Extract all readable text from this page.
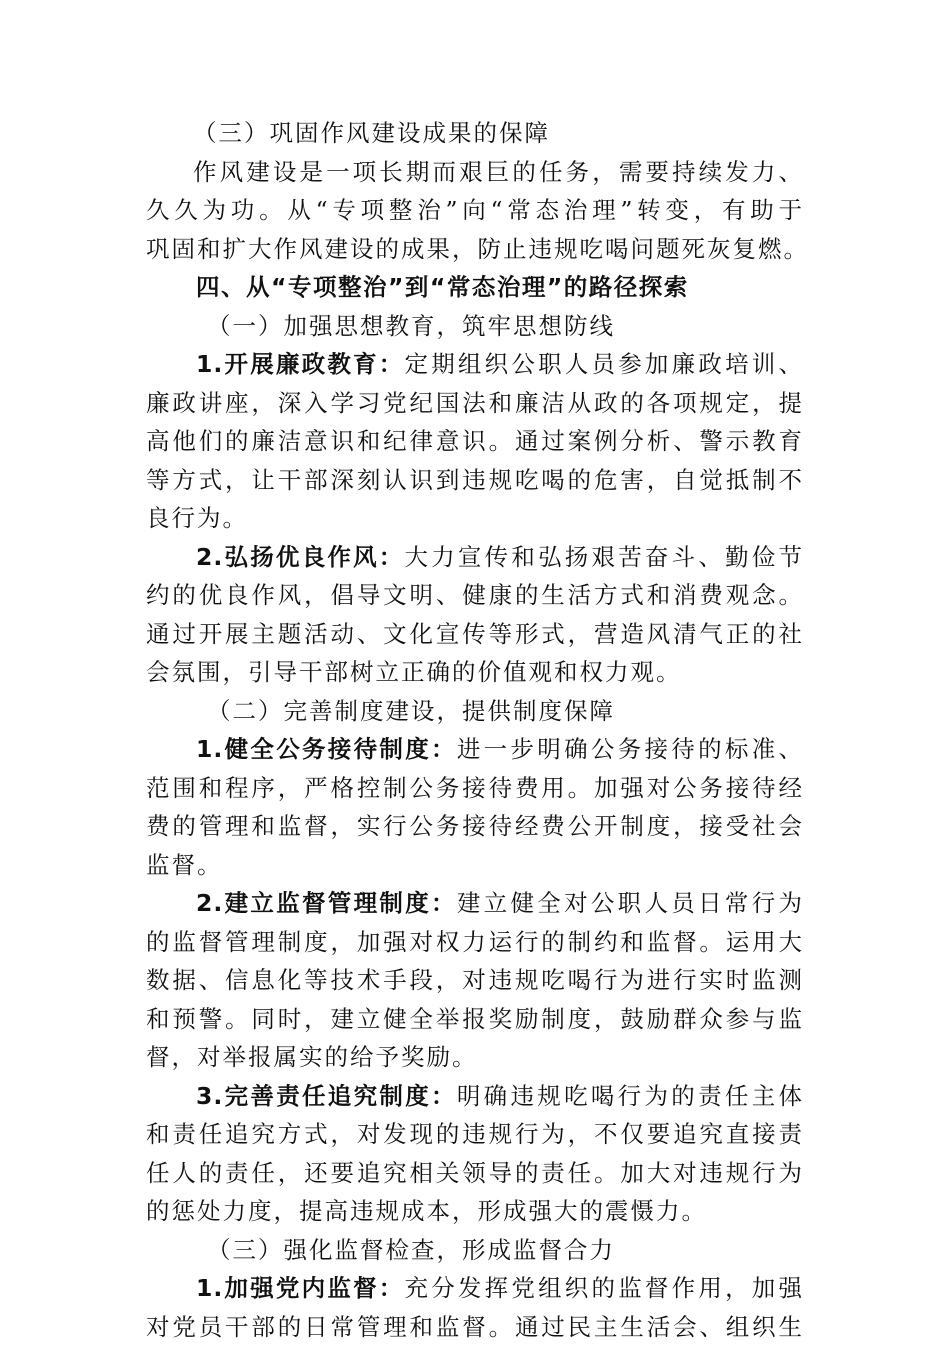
（三）巩固作风建设成果的保障
作风建设是一项长期而艰巨的任务，需要持续发力、
久久为功。从“专项整治”向“常态治理”转变，有助于
巩固和扩大作风建设的成果，防止违规吃喝问题死灰复燃。
四、从“专项整治”到“常态治理”的路径探索
（一）加强思想教育，筑牢思想防线
1.开展廉政教育：定期组织公职人员参加廉政培训、
廉政讲座，深入学习党纪国法和廉洁从政的各项规定，提
高他们的廉洁意识和纪律意识。通过案例分析、警示教育
等方式，让干部深刻认识到违规吃喝的危害，自觉抵制不
良行为。
2.弘扬优良作风：大力宣传和弘扬艰苦奋斗、勤俭节
约的优良作风，倡导文明、健康的生活方式和消费观念。
通过开展主题活动、文化宣传等形式，营造风清气正的社
会氛围，引导干部树立正确的价值观和权力观。
（二）完善制度建设，提供制度保障
1.健全公务接待制度：进一步明确公务接待的标准、
范围和程序，严格控制公务接待费用。加强对公务接待经
费的管理和监督，实行公务接待经费公开制度，接受社会
监督。
2.建立监督管理制度：建立健全对公职人员日常行为
的监督管理制度，加强对权力运行的制约和监督。运用大
数据、信息化等技术手段，对违规吃喝行为进行实时监测
和预警。同时，建立健全举报奖励制度，鼓励群众参与监
督，对举报属实的给予奖励。
3.完善责任追究制度：明确违规吃喝行为的责任主体
和责任追究方式，对发现的违规行为，不仅要追究直接责
任人的责任，还要追究相关领导的责任。加大对违规行为
的惩处力度，提高违规成本，形成强大的震慑力。
（三）强化监督检查，形成监督合力
1.加强党内监督：充分发挥党组织的监督作用，加强
对党员干部的日常管理和监督。通过民主生活会、组织生
